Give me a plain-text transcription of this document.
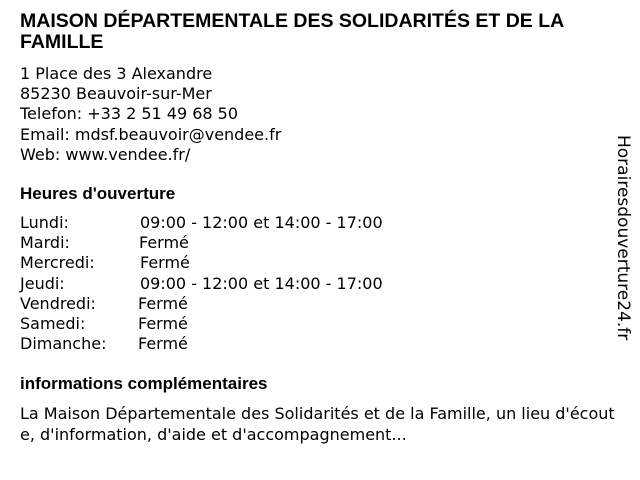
MAISON DÉPARTEMENTALE DES SOLIDARITÉS ET DE LA FAMILLE
1 Place des 3 Alexandre
85230 Beauvoir-sur-Mer
Telefon: +33 2 51 49 68 50
Email: mdsf.beauvoir@vendee.fr
Web: www.vendee.fr/
Heures d'ouverture
Lundi:	09:00 - 12:00 et 14:00 - 17:00
Mardi:	Fermé
Mercredi:	Fermé
Jeudi:	09:00 - 12:00 et 14:00 - 17:00
Vendredi:	Fermé
Samedi:	Fermé
Dimanche: Fermé
informations complémentaires
La Maison Départementale des Solidarités et de la Famille, un lieu d'écoute, d'information, d'aide et d'accompagnement...
Horairesdouverture24.fr
